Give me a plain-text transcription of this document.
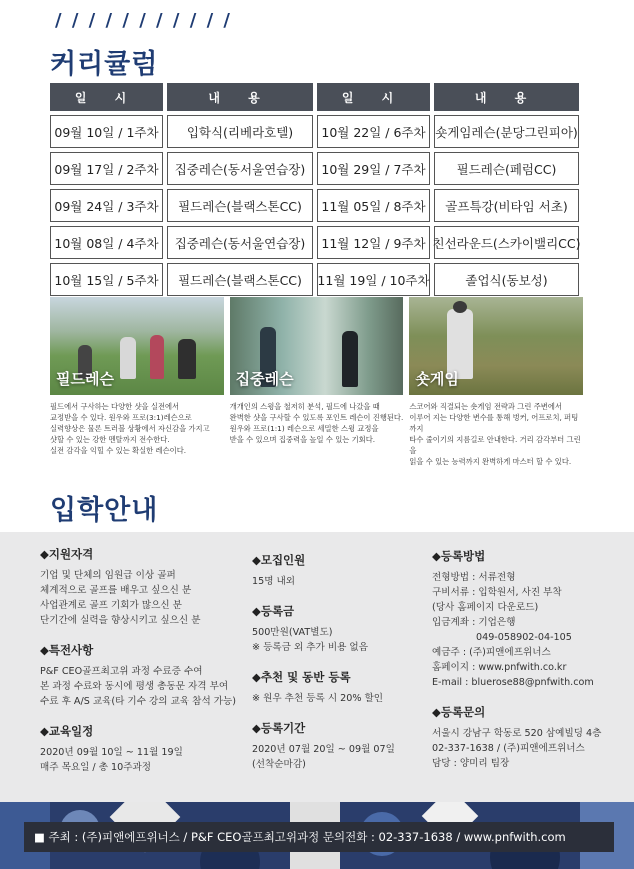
/ / / / / / / / / / /
커리큘럼
일 시	내 용	일 시	내 용
09월 10일 / 1주차	입학식(리베라호텔)	10월 22일 / 6주차 숏게임레슨(분당그린피아)
09월 17일 / 2주차	집중레슨(동서울연습장)	10월 29일 / 7주차	필드레슨(페럼CC)
09월 24일 / 3주차	필드레슨(블랙스톤CC)	11월 05일 / 8주차	골프특강(비타임 서초)
10월 08일 / 4주차	집중레슨(동서울연습장)	11월 12일 / 9주차 친선라운드(스카이밸리CC)
10월 15일 / 5주차	필드레슨(블랙스톤CC)	11월 19일 / 10주차	졸업식(동보성)
필드레슨
필드에서 구사하는 다양한 샷을 실전에서
교정받을 수 있다. 원우와 프로(3:1)레슨으로
실력향상은 물론 트러블 상황에서 자신감을 가지고
샷할 수 있는 강한 멘탈까지 전수한다.
실전 감각을 익힐 수 있는 확실한 레슨이다.
집중레슨
개개인의 스윙을 철저히 분석, 필드에 나갔을 때
완벽한 샷을 구사할 수 있도록 포인트 레슨이 진행된다.
원우와 프로(1:1) 레슨으로 세밀한 스윙 교정을
받을 수 있으며 집중력을 높일 수 있는 기회다.
숏게임
스코어와 직결되는 숏게임 전략과 그린 주변에서
이루어 지는 다양한 변수를 통해 벙커, 어프로치, 퍼팅까지
타수 줄이기의 지름길로 안내한다. 거리 감각부터 그린을
읽을 수 있는 능력까지 완벽하게 마스터 할 수 있다.
입학안내
◆지원자격

기업 및 단체의 임원급 이상 골퍼

체계적으로 골프를 배우고 싶으신 분

사업관계로 골프 기회가 많으신 분

단기간에 실력을 향상시키고 싶으신 분

◆특전사항

P&F CEO골프최고위 과정 수료증 수여

본 과정 수료와 동시에 평생 총동문 자격 부여

수료 후 A/S 교육(타 기수 강의 교육 참석 가능)

◆교육일정

2020년 09월 10일 ~ 11월 19일

매주 목요일 / 총 10주과정

◆모집인원

15명 내외

◆등록금

500만원(VAT별도)

※ 등록금 외 추가 비용 없음

◆추천 및 동반 등록

※ 원우 추천 등록 시 20% 할인

◆등록기간

2020년 07월 20일 ~ 09월 07일

(선착순마감)

◆등록방법

전형방법 : 서류전형

구비서류 : 입학원서, 사진 부착

(당사 홈페이지 다운로드)

입금계좌 : 기업은행

049-058902-04-105

예금주 : (주)피앤에프위너스

홈페이지 : www.pnfwith.co.kr

E-mail : bluerose88@pnfwith.com

◆등록문의

서울시 강남구 학동로 520 삼예빌딩 4층

02-337-1638 / (주)피앤에프위너스

담당 : 양미리 팀장

■ 주최 : (주)피앤에프위너스 / P&F CEO골프최고위과정 문의전화 : 02-337-1638 / www.pnfwith.com
